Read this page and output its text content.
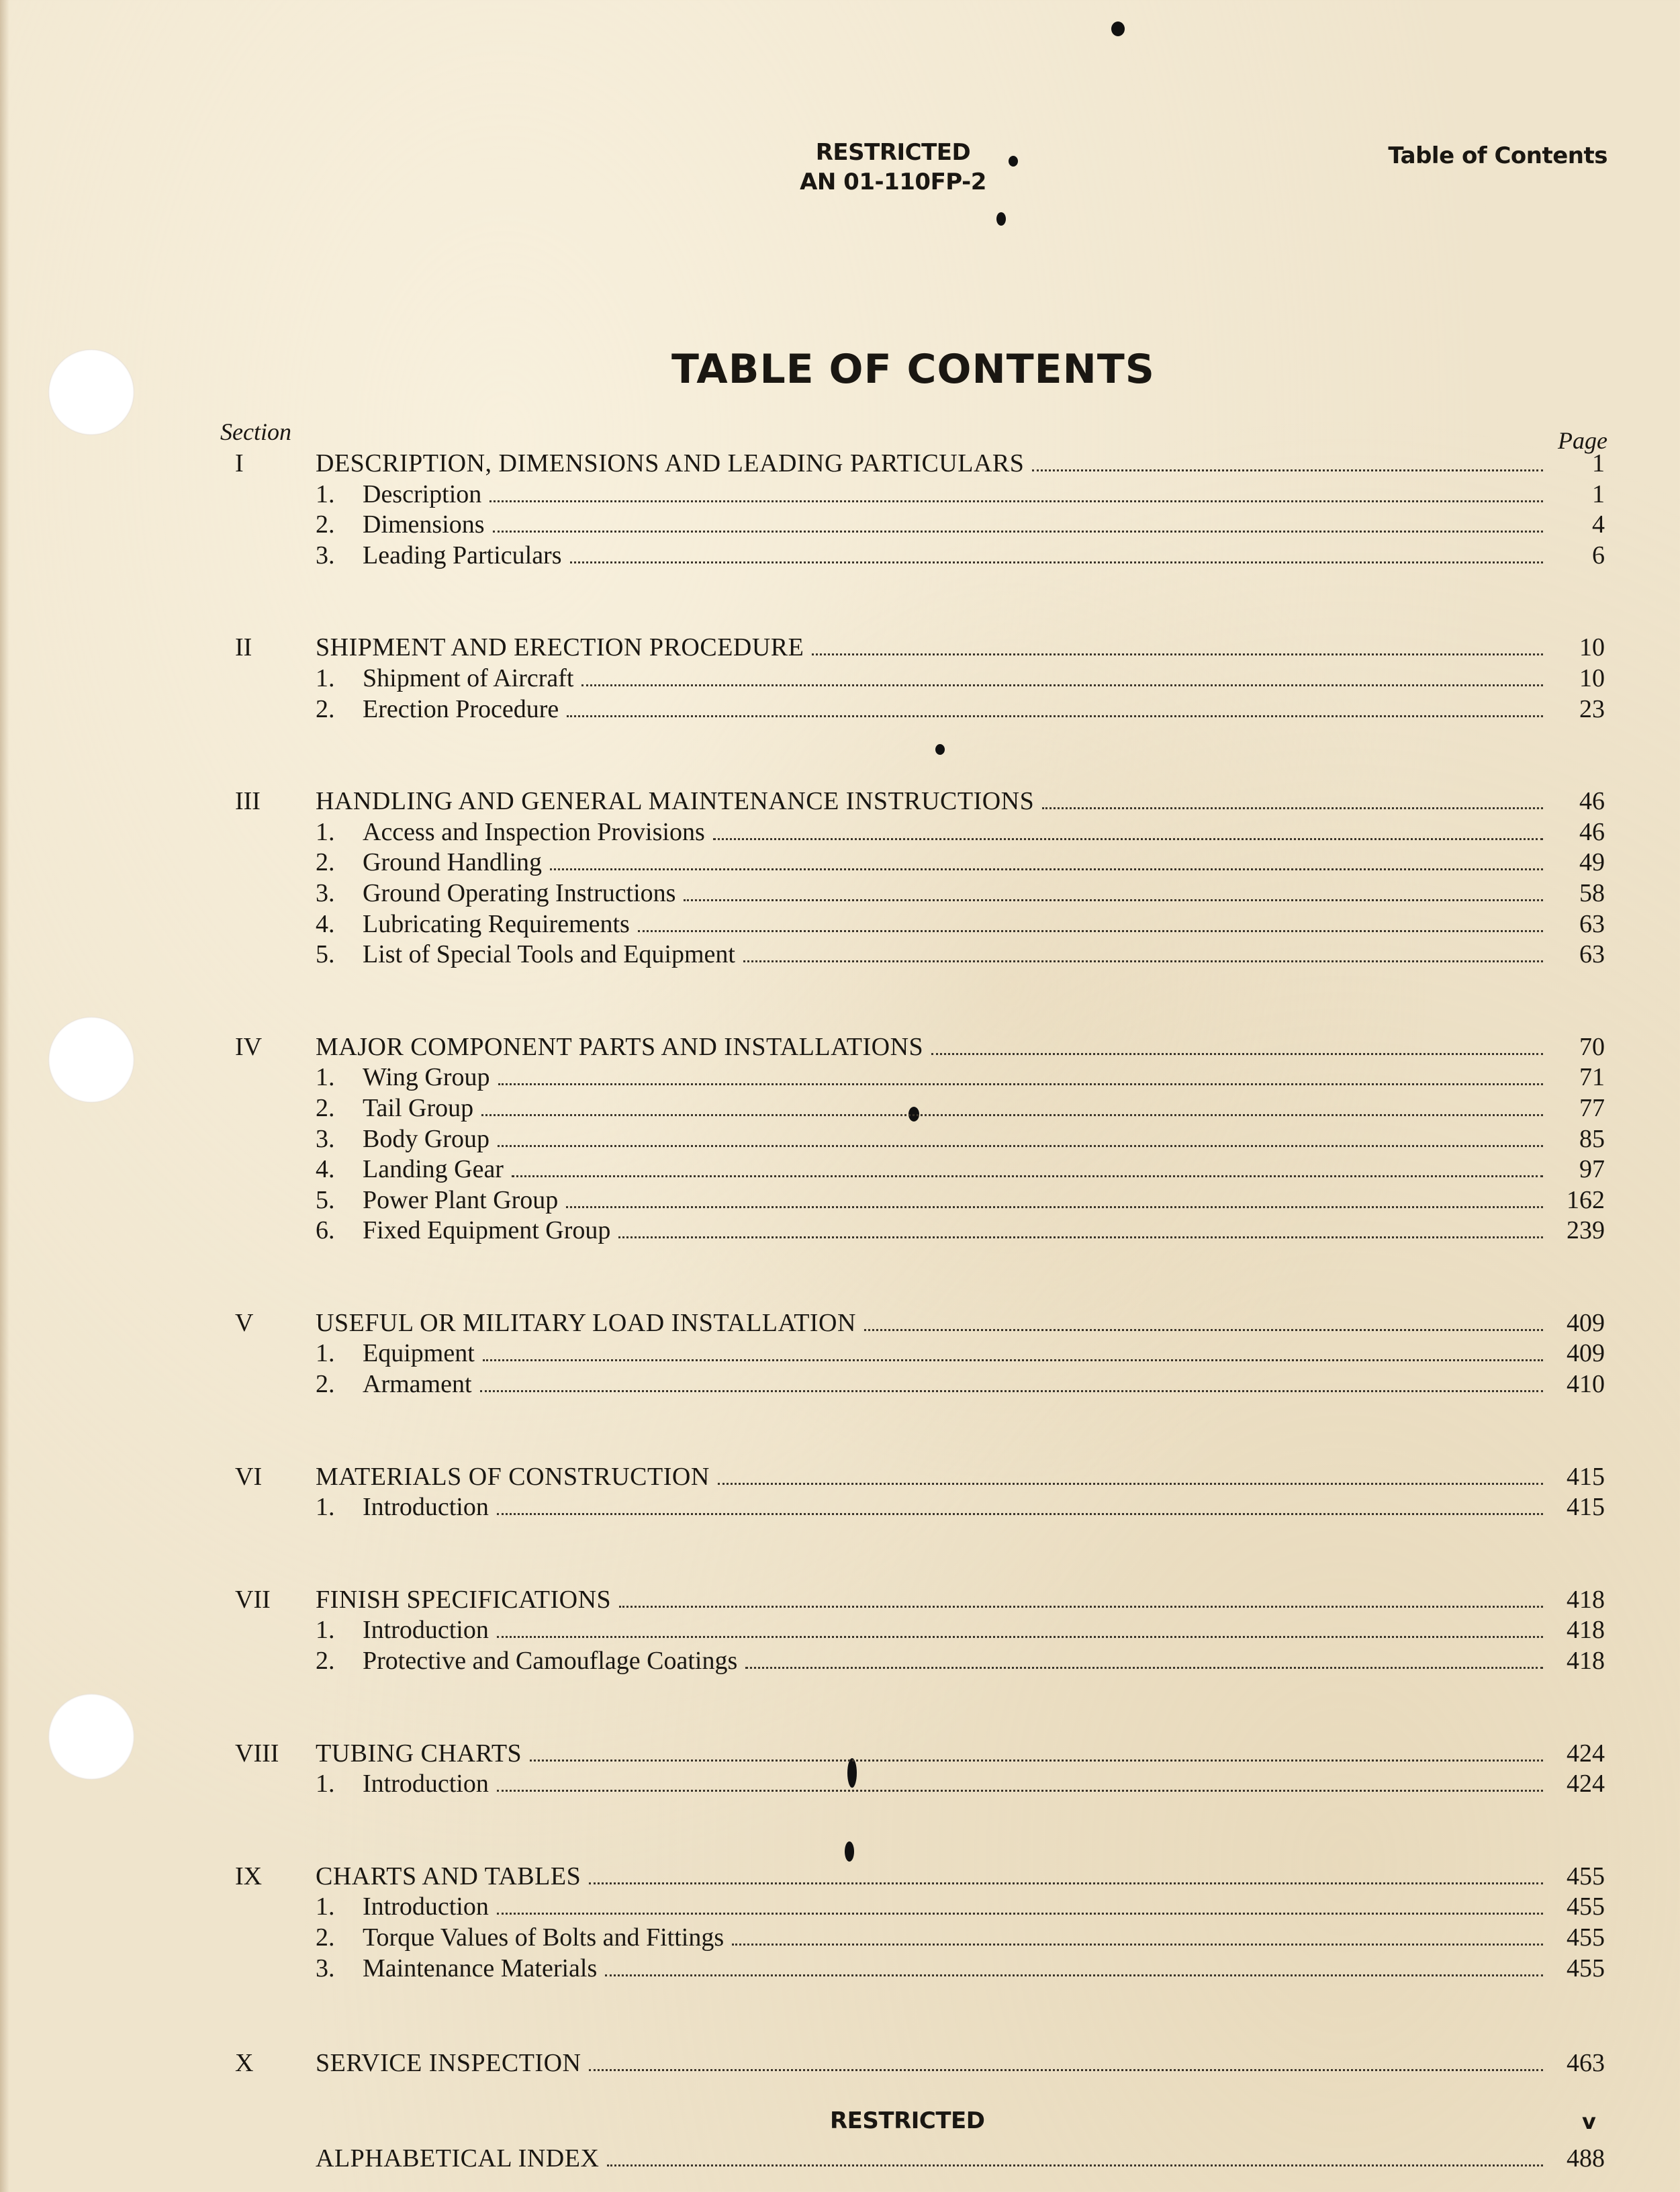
RESTRICTED
AN 01-110FP-2
Table of Contents
TABLE OF CONTENTS
Section	Page
I	DESCRIPTION, DIMENSIONS AND LEADING PARTICULARS	1
1.	Description	1
2.	Dimensions	4
3.	Leading Particulars	6
II	SHIPMENT AND ERECTION PROCEDURE	10
1.	Shipment of Aircraft	10
2.	Erection Procedure	23
III	HANDLING AND GENERAL MAINTENANCE INSTRUCTIONS	46
1.	Access and Inspection Provisions	46
2.	Ground Handling	49
3.	Ground Operating Instructions	58
4.	Lubricating Requirements	63
5.	List of Special Tools and Equipment	63
IV	MAJOR COMPONENT PARTS AND INSTALLATIONS	70
1.	Wing Group	71
2.	Tail Group	77
3.	Body Group	85
4.	Landing Gear	97
5.	Power Plant Group	162
6.	Fixed Equipment Group	239
V	USEFUL OR MILITARY LOAD INSTALLATION	409
1.	Equipment	409
2.	Armament	410
VI	MATERIALS OF CONSTRUCTION	415
1.	Introduction	415
VII	FINISH SPECIFICATIONS	418
1.	Introduction	418
2.	Protective and Camouflage Coatings	418
VIII	TUBING CHARTS	424
1.	Introduction	424
IX	CHARTS AND TABLES	455
1.	Introduction	455
2.	Torque Values of Bolts and Fittings	455
3.	Maintenance Materials	455
X	SERVICE INSPECTION	463
ALPHABETICAL INDEX	488
RESTRICTED	v
